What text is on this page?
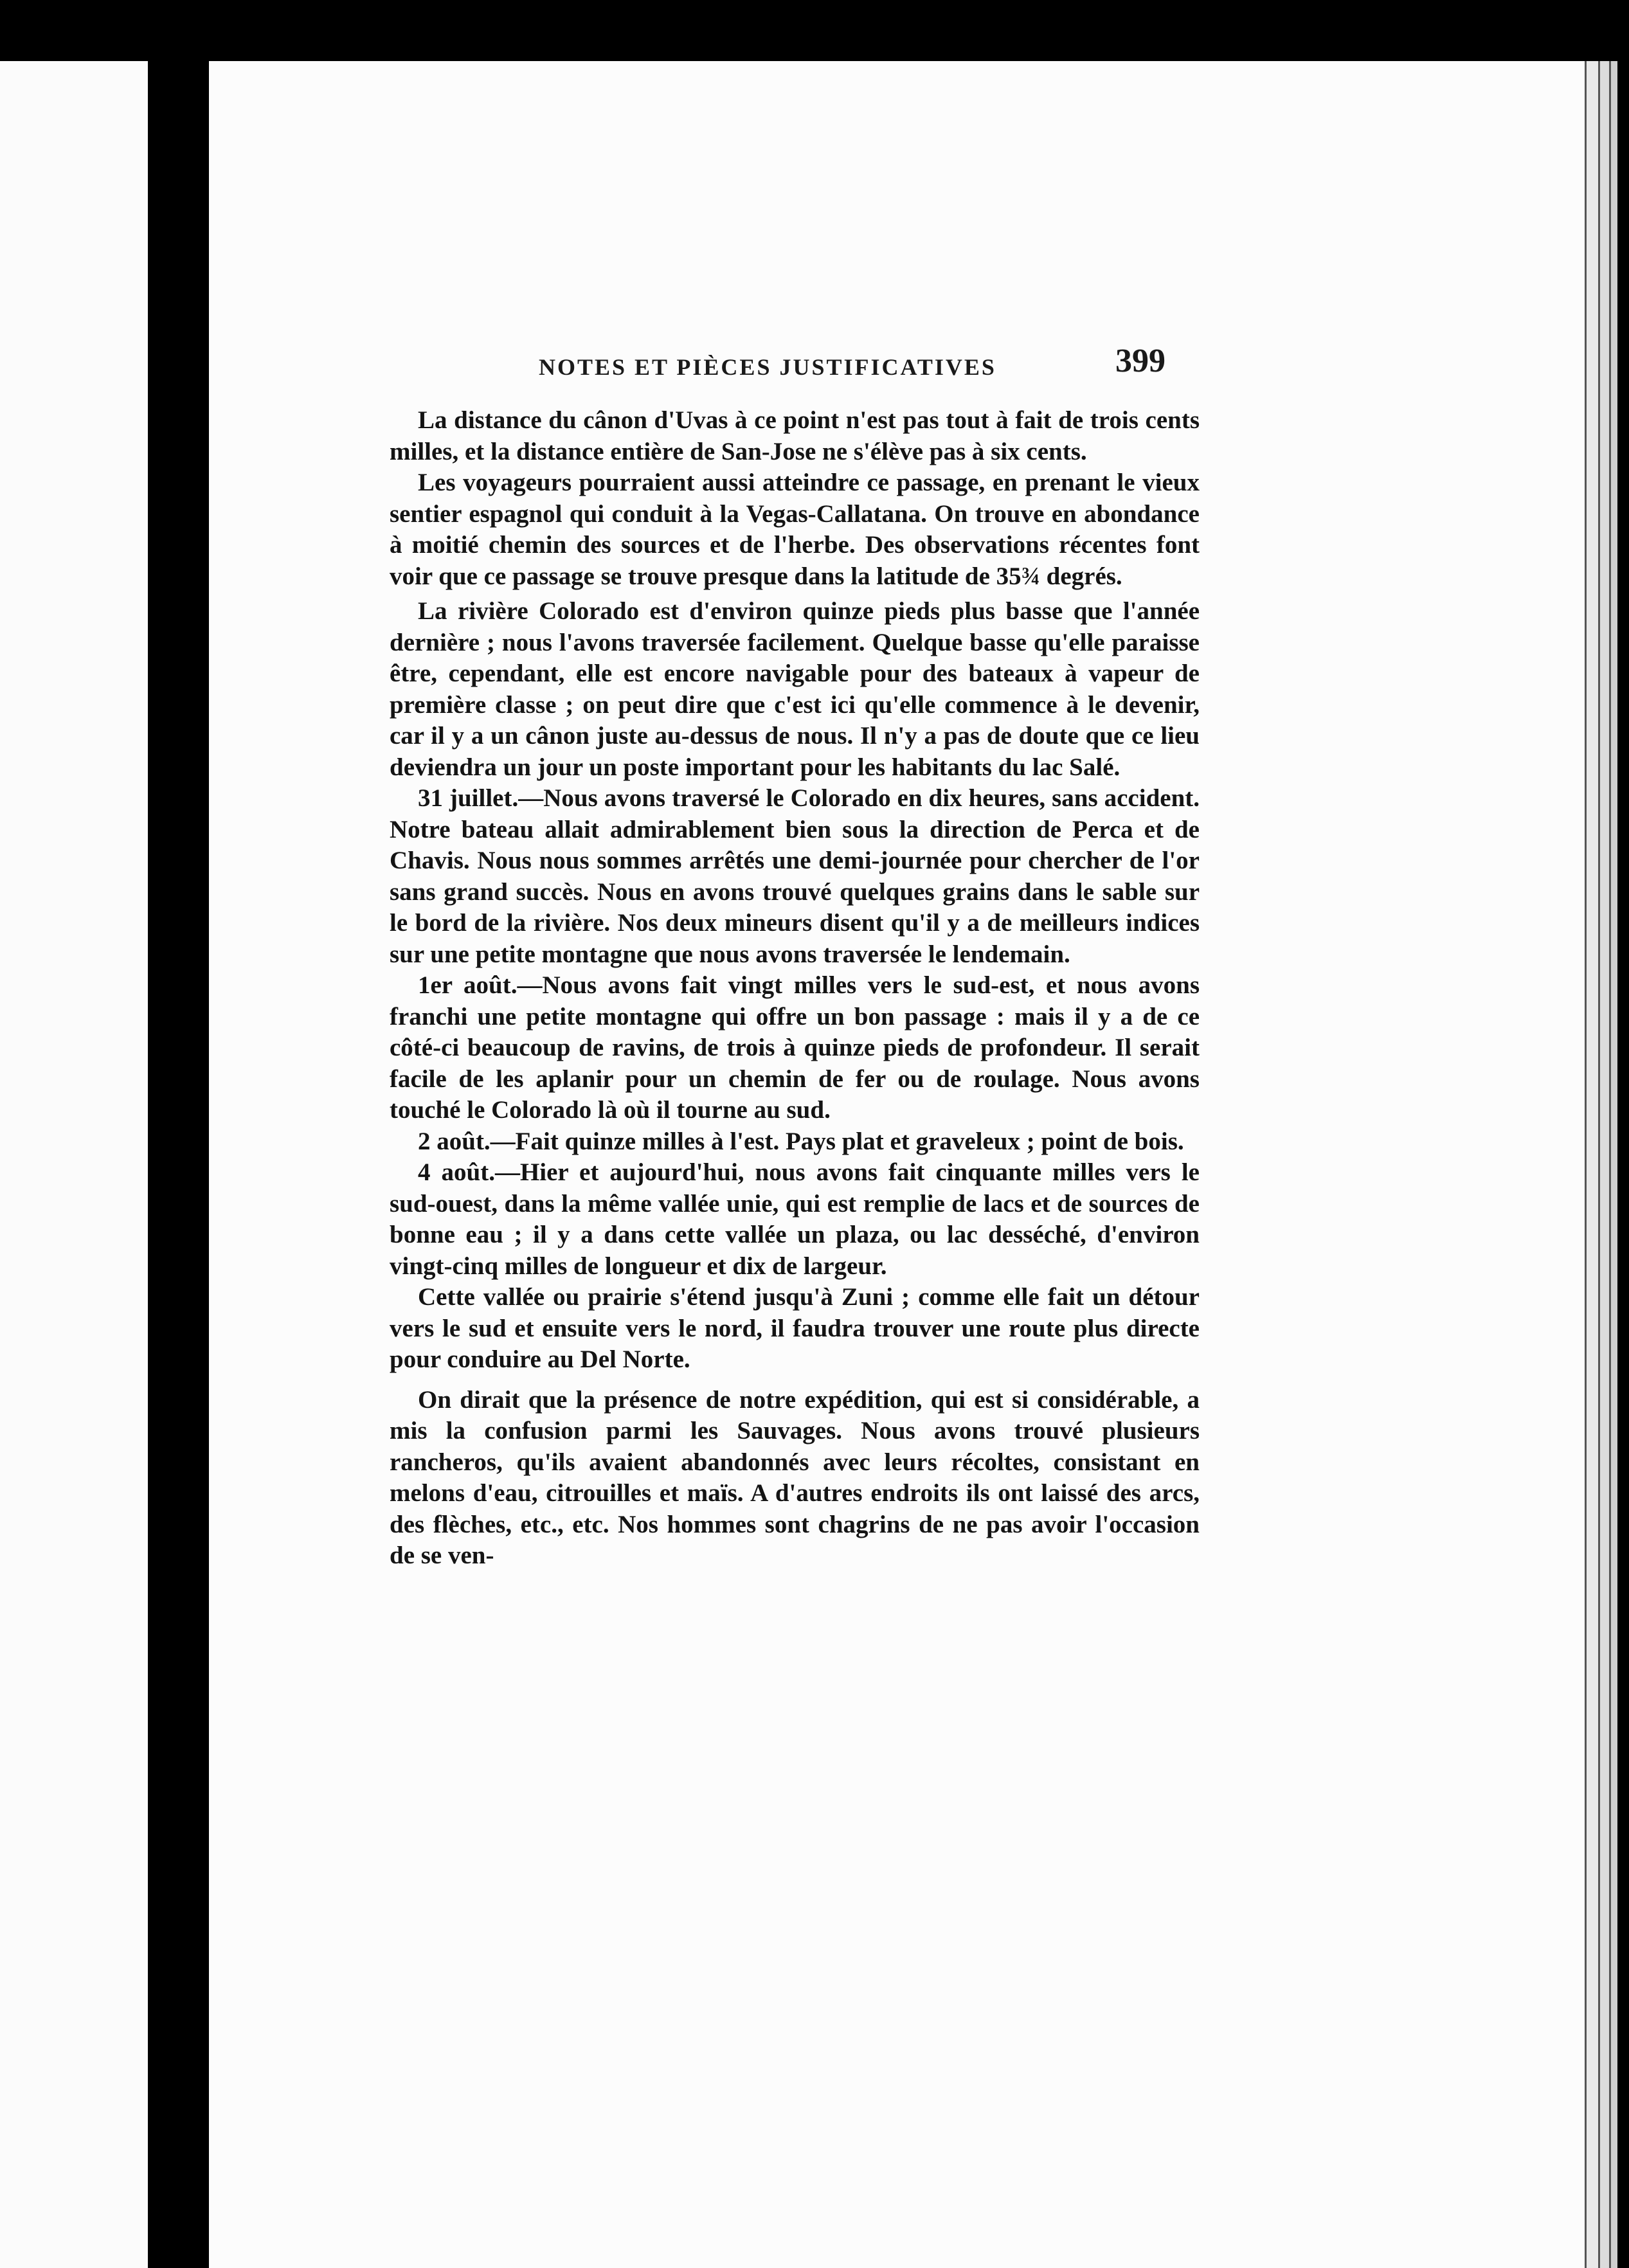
NOTES ET PIÈCES JUSTIFICATIVES	399

La distance du cânon d'Uvas à ce point n'est pas tout à fait de trois cents milles, et la distance entière de San-Jose ne s'élève pas à six cents.

Les voyageurs pourraient aussi atteindre ce passage, en prenant le vieux sentier espagnol qui conduit à la Vegas-Callatana. On trouve en abondance à moitié chemin des sources et de l'herbe. Des observations récentes font voir que ce passage se trouve presque dans la latitude de 35¾ degrés.

La rivière Colorado est d'environ quinze pieds plus basse que l'année dernière ; nous l'avons traversée facilement. Quelque basse qu'elle paraisse être, cependant, elle est encore navigable pour des bateaux à vapeur de première classe ; on peut dire que c'est ici qu'elle commence à le devenir, car il y a un cânon juste au-dessus de nous. Il n'y a pas de doute que ce lieu deviendra un jour un poste important pour les habitants du lac Salé.

31 juillet.—Nous avons traversé le Colorado en dix heures, sans accident. Notre bateau allait admirablement bien sous la direction de Perca et de Chavis. Nous nous sommes arrêtés une demi-journée pour chercher de l'or sans grand succès. Nous en avons trouvé quelques grains dans le sable sur le bord de la rivière. Nos deux mineurs disent qu'il y a de meilleurs indices sur une petite montagne que nous avons traversée le lendemain.

1er août.—Nous avons fait vingt milles vers le sud-est, et nous avons franchi une petite montagne qui offre un bon passage : mais il y a de ce côté-ci beaucoup de ravins, de trois à quinze pieds de profondeur. Il serait facile de les aplanir pour un chemin de fer ou de roulage. Nous avons touché le Colorado là où il tourne au sud.

2 août.—Fait quinze milles à l'est. Pays plat et graveleux ; point de bois.

4 août.—Hier et aujourd'hui, nous avons fait cinquante milles vers le sud-ouest, dans la même vallée unie, qui est remplie de lacs et de sources de bonne eau ; il y a dans cette vallée un plaza, ou lac desséché, d'environ vingt-cinq milles de longueur et dix de largeur.

Cette vallée ou prairie s'étend jusqu'à Zuni ; comme elle fait un détour vers le sud et ensuite vers le nord, il faudra trouver une route plus directe pour conduire au Del Norte.

On dirait que la présence de notre expédition, qui est si considérable, a mis la confusion parmi les Sauvages. Nous avons trouvé plusieurs rancheros, qu'ils avaient abandonnés avec leurs récoltes, consistant en melons d'eau, citrouilles et maïs. A d'autres endroits ils ont laissé des arcs, des flèches, etc., etc. Nos hommes sont chagrins de ne pas avoir l'occasion de se ven-
